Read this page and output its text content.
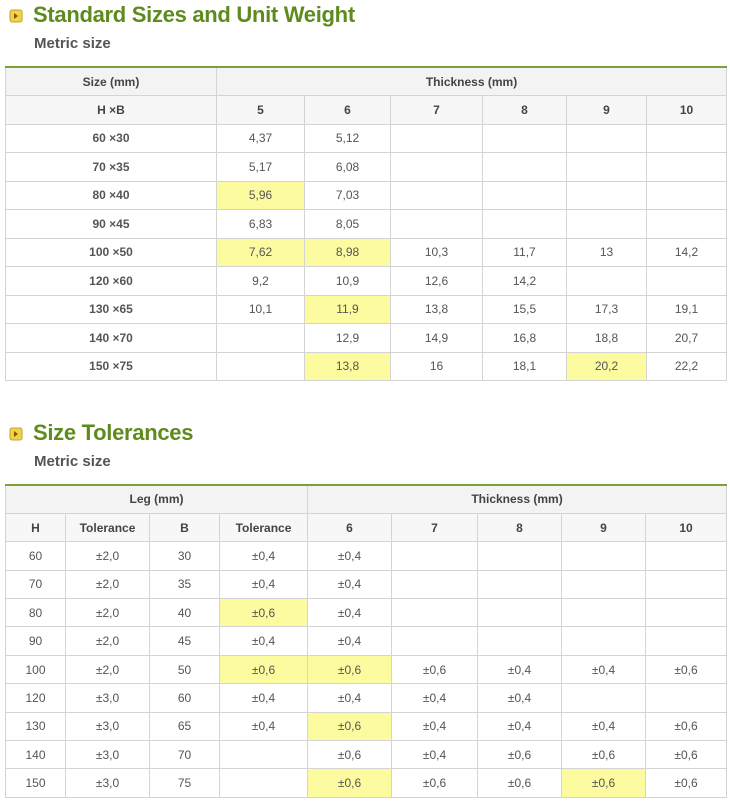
Standard Sizes and Unit Weight
Metric size
Size (mm)	Thickness (mm)					
H ×B	5	6	7	8	9	10
60 ×30	4,37	5,12				
70 ×35	5,17	6,08				
80 ×40	5,96	7,03				
90 ×45	6,83	8,05				
100 ×50	7,62	8,98	10,3	11,7	13	14,2
120 ×60	9,2	10,9	12,6	14,2		
130 ×65	10,1	11,9	13,8	15,5	17,3	19,1
140 ×70		12,9	14,9	16,8	18,8	20,7
150 ×75		13,8	16	18,1	20,2	22,2
Size Tolerances
Metric size
Leg (mm)				Thickness (mm)				
H	Tolerance	B	Tolerance	6	7	8	9	10
60	±2,0	30	±0,4	±0,4				
70	±2,0	35	±0,4	±0,4				
80	±2,0	40	±0,6	±0,4				
90	±2,0	45	±0,4	±0,4				
100	±2,0	50	±0,6	±0,6	±0,6	±0,4	±0,4	±0,6
120	±3,0	60	±0,4	±0,4	±0,4	±0,4		
130	±3,0	65	±0,4	±0,6	±0,4	±0,4	±0,4	±0,6
140	±3,0	70		±0,6	±0,4	±0,6	±0,6	±0,6
150	±3,0	75		±0,6	±0,6	±0,6	±0,6	±0,6
